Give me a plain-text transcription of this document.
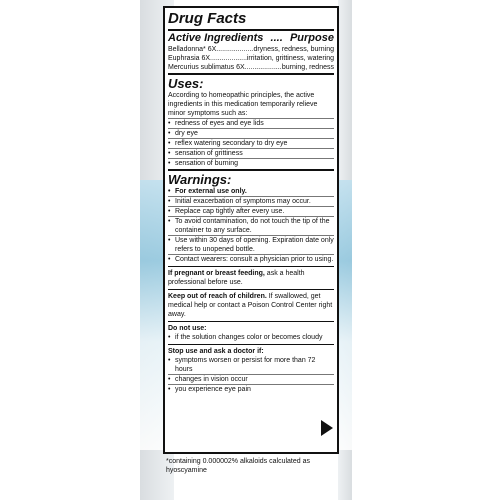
Drug Facts
Active Ingredients .... Purpose
Belladonna* 6X .....	dryness, redness, burning
Euphrasia 6X .....	irritation, grittiness, watering
Mercurius sublimatus 6X .....	burning, redness
Uses:
According to homeopathic principles, the active ingredients in this medication temporarily relieve minor symptoms such as:
• redness of eyes and eye lids
• dry eye
• reflex watering secondary to dry eye
• sensation of grittiness
• sensation of burning
Warnings:
• For external use only.
• Initial exacerbation of symptoms may occur.
• Replace cap tightly after every use.
• To avoid contamination, do not touch the tip of the container to any surface.
• Use within 30 days of opening. Expiration date only refers to unopened bottle.
• Contact wearers: consult a physician prior to using.
If pregnant or breast feeding, ask a health professional before use.
Keep out of reach of children. If swallowed, get medical help or contact a Poison Control Center right away.
Do not use:
• if the solution changes color or becomes cloudy
Stop use and ask a doctor if:
• symptoms worsen or persist for more than 72 hours
• changes in vision occur
• you experience eye pain
*containing 0.000002% alkaloids calculated as hyoscyamine
